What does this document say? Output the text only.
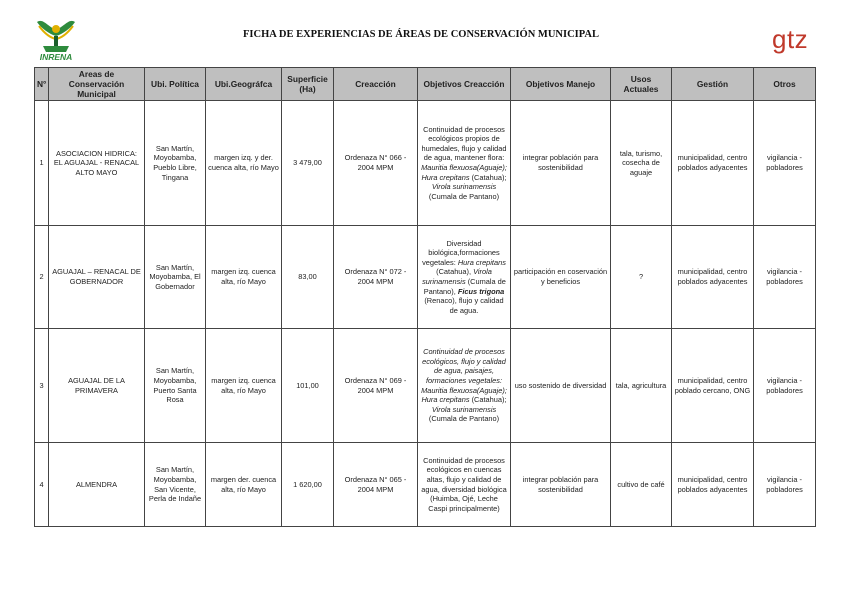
INRENA
gtz
FICHA DE EXPERIENCIAS DE ÁREAS DE CONSERVACIÓN MUNICIPAL
N°	Areas de Conservación Municipal	Ubi. Política	Ubi.Geográfca	Superficie (Ha)	Creacción	Objetivos Creacción	Objetivos Manejo	Usos Actuales	Gestión	Otros
1	ASOCIACION HIDRICA: EL AGUAJAL - RENACAL ALTO MAYO	San Martín, Moyobamba, Pueblo Libre, Tingana	margen izq. y der. cuenca alta, río Mayo	3 479,00	Ordenaza N° 066 - 2004 MPM	Continuidad de procesos ecológicos propios de humedales, flujo y calidad de agua, mantener flora: Mauritia flexuosa(Aguaje); Hura crepitans (Catahua); Virola surinamensis (Cumala de Pantano)	integrar población para sostenibilidad	tala, turismo, cosecha de aguaje	municipalidad, centro poblados adyacentes	vigilancia - pobladores
2	AGUAJAL – RENACAL DE GOBERNADOR	San Martín, Moyobamba, El Gobernador	margen izq. cuenca alta, río Mayo	83,00	Ordenaza N° 072 - 2004 MPM	Diversidad biológica,formaciones vegetales: Hura crepitans (Catahua), Virola surinamensis (Cumala de Pantano), Ficus trigona (Renaco), flujo y calidad de agua.	participación en coservación y beneficios	?	municipalidad, centro poblados adyacentes	vigilancia - pobladores
3	AGUAJAL DE LA PRIMAVERA	San Martín, Moyobamba, Puerto Santa Rosa	margen izq. cuenca alta, río Mayo	101,00	Ordenaza N° 069 - 2004 MPM	Continuidad de procesos ecológicos, flujo y calidad de agua, paisajes, formaciones vegetales: Mauritia flexuosa(Aguaje); Hura crepitans (Catahua); Virola surinamensis (Cumala de Pantano)	uso sostenido de diversidad	tala, agricultura	municipalidad, centro poblado cercano, ONG	vigilancia - pobladores
4	ALMENDRA	San Martín, Moyobamba, San Vicente, Perla de Indañe	margen der. cuenca alta, río Mayo	1 620,00	Ordenaza N° 065 - 2004 MPM	Continuidad de procesos ecológicos en cuencas altas, flujo y calidad de agua, diversidad biológica (Huimba, Ojé, Leche Caspi principalmente)	integrar población para sostenibilidad	cultivo de café	municipalidad, centro poblados adyacentes	vigilancia - pobladores
